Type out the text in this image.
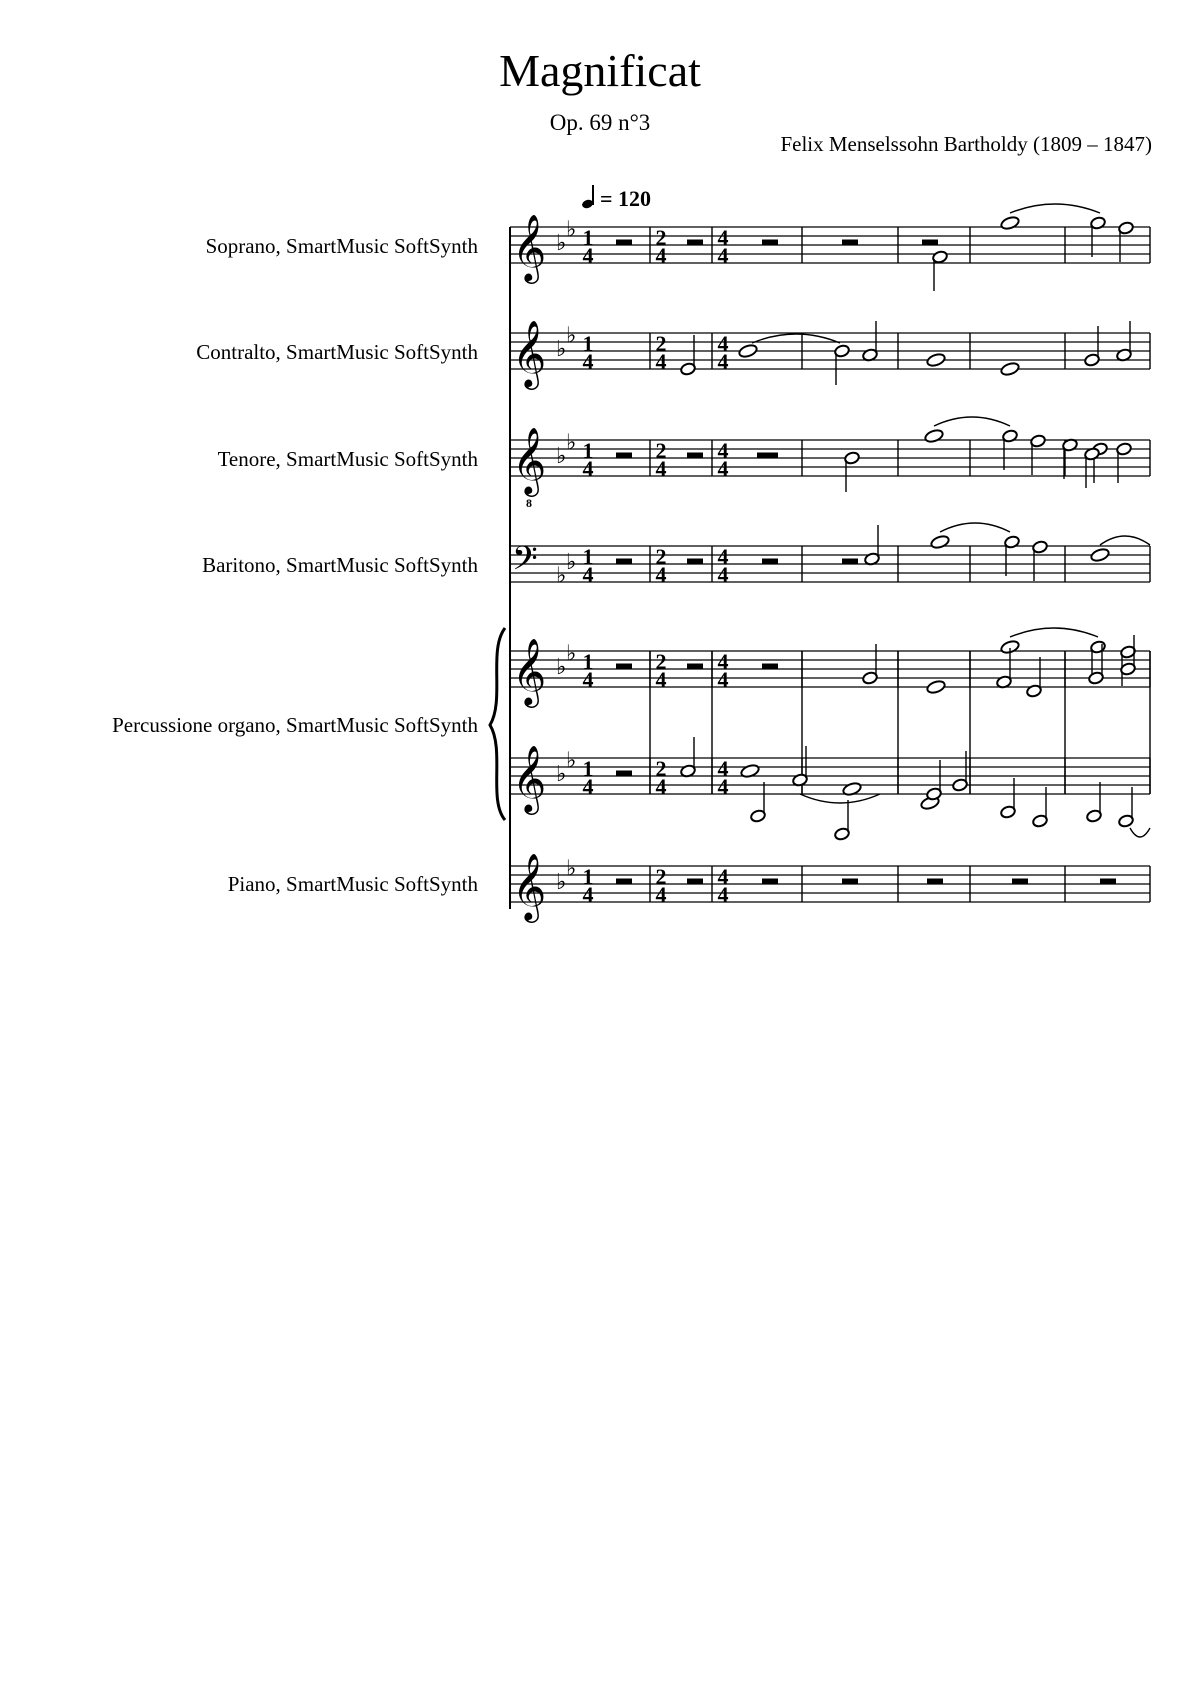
Magnificat
Op. 69 n°3
Felix Menselssohn Bartholdy (1809 – 1847)
= 120
Soprano, SmartMusic SoftSynth
Contralto, SmartMusic SoftSynth
Tenore, SmartMusic SoftSynth
Baritono, SmartMusic SoftSynth
Percussione organo, SmartMusic SoftSynth
Piano, SmartMusic SoftSynth
𝄞
𝄞
𝄞
8
𝄢
𝄞
𝄞
𝄞
♭
♭
♭
♭
♭
♭
♭
♭
♭
♭
♭
♭
♭
♭
1
4
2
4
4
4
1
4
2
4
4
4
1
4
2
4
4
4
1
4
2
4
4
4
1
4
2
4
4
4
1
4
2
4
4
4
1
4
2
4
4
4
